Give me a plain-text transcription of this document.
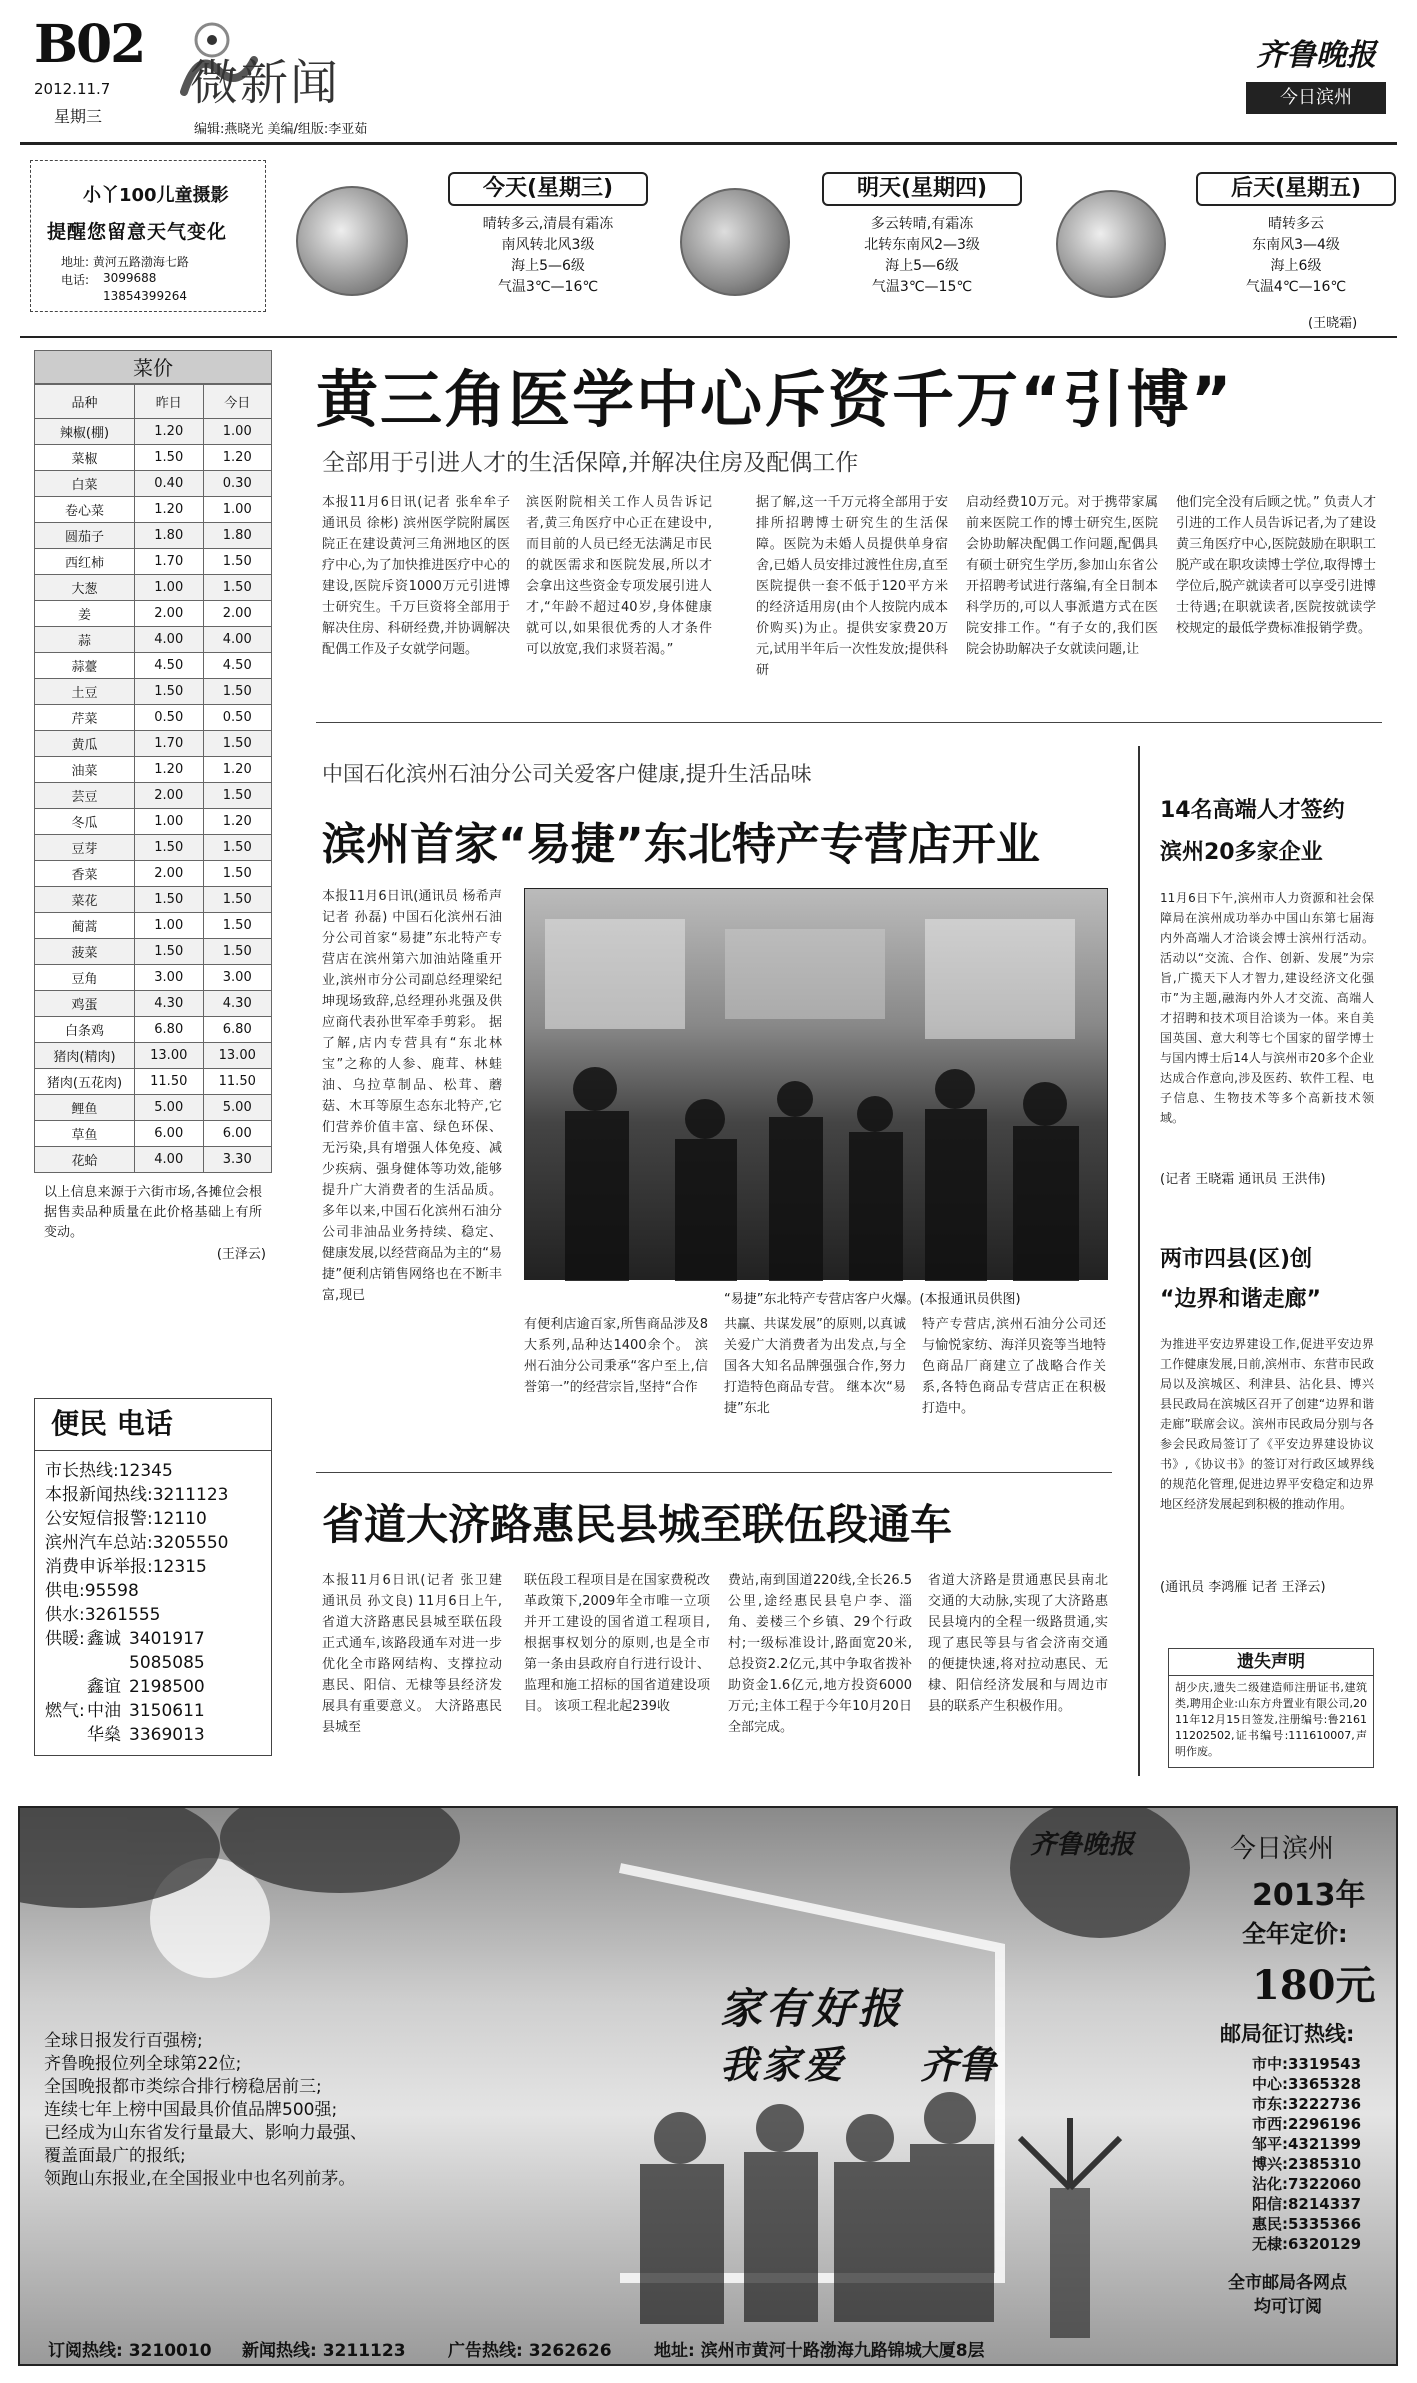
B02
2012.11.7
星期三
微新闻
编辑:燕晓光 美编/组版:李亚茹
齐鲁晚报
今日滨州
小丫100儿童摄影
提醒您留意天气变化
地址: 黄河五路渤海七路
电话: 3099688
13854399264
今天(星期三)
晴转多云,清晨有霜冻
南风转北风3级
海上5—6级
气温3℃—16℃
明天(星期四)
多云转晴,有霜冻
北转东南风2—3级
海上5—6级
气温3℃—15℃
后天(星期五)
晴转多云
东南风3—4级
海上6级
气温4℃—16℃
(王晓霜)
菜价
品种	昨日	今日
辣椒(棚)	1.20	1.00
菜椒	1.50	1.20
白菜	0.40	0.30
卷心菜	1.20	1.00
圆茄子	1.80	1.80
西红柿	1.70	1.50
大葱	1.00	1.50
姜	2.00	2.00
蒜	4.00	4.00
蒜薹	4.50	4.50
土豆	1.50	1.50
芹菜	0.50	0.50
黄瓜	1.70	1.50
油菜	1.20	1.20
芸豆	2.00	1.50
冬瓜	1.00	1.20
豆芽	1.50	1.50
香菜	2.00	1.50
菜花	1.50	1.50
蔺蒿	1.00	1.50
菠菜	1.50	1.50
豆角	3.00	3.00
鸡蛋	4.30	4.30
白条鸡	6.80	6.80
猪肉(精肉)	13.00	13.00
猪肉(五花肉)	11.50	11.50
鲤鱼	5.00	5.00
草鱼	6.00	6.00
花蛤	4.00	3.30
以上信息来源于六街市场,各摊位会根据售卖品种质量在此价格基础上有所变动。
(王泽云)
便民 电话
市长热线:12345
本报新闻热线:3211123
公安短信报警:12110
滨州汽车总站:3205550
消费申诉举报:12315
供电:95598
供水:3261555
供暖: 鑫诚 3401917
5085085
鑫谊 2198500
燃气: 中油 3150611
华燊 3369013
黄三角医学中心斥资千万“引博”
全部用于引进人才的生活保障,并解决住房及配偶工作
本报11月6日讯(记者 张牟牟子 通讯员 徐彬) 滨州医学院附属医院正在建设黄河三角洲地区的医疗中心,为了加快推进医疗中心的建设,医院斥资1000万元引进博士研究生。千万巨资将全部用于解决住房、科研经费,并协调解决配偶工作及子女就学问题。
滨医附院相关工作人员告诉记者,黄三角医疗中心正在建设中,而目前的人员已经无法满足市民的就医需求和医院发展,所以才会拿出这些资金专项发展引进人才,“年龄不超过40岁,身体健康就可以,如果很优秀的人才条件可以放宽,我们求贤若渴。”
据了解,这一千万元将全部用于安排所招聘博士研究生的生活保障。医院为未婚人员提供单身宿舍,已婚人员安排过渡性住房,直至医院提供一套不低于120平方米的经济适用房(由个人按院内成本价购买)为止。提供安家费20万元,试用半年后一次性发放;提供科研
启动经费10万元。对于携带家属前来医院工作的博士研究生,医院会协助解决配偶工作问题,配偶具有硕士研究生学历,参加山东省公开招聘考试进行落编,有全日制本科学历的,可以人事派遣方式在医院安排工作。“有子女的,我们医院会协助解决子女就读问题,让
他们完全没有后顾之忧。” 负责人才引进的工作人员告诉记者,为了建设黄三角医疗中心,医院鼓励在职职工脱产或在职攻读博士学位,取得博士学位后,脱产就读者可以享受引进博士待遇;在职就读者,医院按就读学校规定的最低学费标准报销学费。
中国石化滨州石油分公司关爱客户健康,提升生活品味
滨州首家“易捷”东北特产专营店开业
本报11月6日讯(通讯员 杨希声 记者 孙磊) 中国石化滨州石油分公司首家“易捷”东北特产专营店在滨州第六加油站隆重开业,滨州市分公司副总经理梁纪坤现场致辞,总经理孙兆强及供应商代表孙世军牵手剪彩。 据了解,店内专营具有“东北林宝”之称的人参、鹿茸、林蛙油、乌拉草制品、松茸、蘑菇、木耳等原生态东北特产,它们营养价值丰富、绿色环保、无污染,具有增强人体免疫、减少疾病、强身健体等功效,能够提升广大消费者的生活品质。 多年以来,中国石化滨州石油分公司非油品业务持续、稳定、健康发展,以经营商品为主的“易捷”便利店销售网络也在不断丰富,现已	“易捷”东北特产专营店客户火爆。(本报通讯员供图)
有便利店逾百家,所售商品涉及8大系列,品种达1400余个。 滨州石油分公司秉承“客户至上,信誉第一”的经营宗旨,坚持“合作
共赢、共谋发展”的原则,以真诚关爱广大消费者为出发点,与全国各大知名品牌强强合作,努力打造特色商品专营。 继本次“易捷”东北
特产专营店,滨州石油分公司还与愉悦家纺、海洋贝瓷等当地特色商品厂商建立了战略合作关系,各特色商品专营店正在积极打造中。
省道大济路惠民县城至联伍段通车
本报11月6日讯(记者 张卫建 通讯员 孙文良) 11月6日上午,省道大济路惠民县城至联伍段正式通车,该路段通车对进一步优化全市路网结构、支撑拉动惠民、阳信、无棣等县经济发展具有重要意义。 大济路惠民县城至
联伍段工程项目是在国家费税改革政策下,2009年全市唯一立项并开工建设的国省道工程项目,根据事权划分的原则,也是全市第一条由县政府自行进行设计、监理和施工招标的国省道建设项目。 该项工程北起239收
费站,南到国道220线,全长26.5公里,途经惠民县皂户李、淄角、姜楼三个乡镇、29个行政村;一级标准设计,路面宽20米,总投资2.2亿元,其中争取省拨补助资金1.6亿元,地方投资6000万元;主体工程于今年10月20日全部完成。
省道大济路是贯通惠民县南北交通的大动脉,实现了大济路惠民县境内的全程一级路贯通,实现了惠民等县与省会济南交通的便捷快速,将对拉动惠民、无棣、阳信经济发展和与周边市县的联系产生积极作用。
14名高端人才签约滨州20多家企业
11月6日下午,滨州市人力资源和社会保障局在滨州成功举办中国山东第七届海内外高端人才洽谈会博士滨州行活动。活动以“交流、合作、创新、发展”为宗旨,广揽天下人才智力,建设经济文化强市”为主题,融海内外人才交流、高端人才招聘和技术项目洽谈为一体。来自美国英国、意大利等七个国家的留学博士与国内博士后14人与滨州市20多个企业达成合作意向,涉及医药、软件工程、电子信息、生物技术等多个高新技术领域。
(记者 王晓霜 通讯员 王洪伟)
两市四县(区)创
“边界和谐走廊”
为推进平安边界建设工作,促进平安边界工作健康发展,日前,滨州市、东营市民政局以及滨城区、利津县、沾化县、博兴县民政局在滨城区召开了创建“边界和谐走廊”联席会议。滨州市民政局分别与各参会民政局签订了《平安边界建设协议书》,《协议书》的签订对行政区域界线的规范化管理,促进边界平安稳定和边界地区经济发展起到积极的推动作用。
(通讯员 李鸿雁 记者 王泽云)
遗失声明
胡少庆,遗失二级建造师注册证书,建筑类,聘用企业:山东方舟置业有限公司,2011年12月15日签发,注册编号:鲁216111202502,证书编号:111610007,声明作废。
家有好报
我家爱 齐鲁
全球日报发行百强榜;
齐鲁晚报位列全球第22位;
全国晚报都市类综合排行榜稳居前三;
连续七年上榜中国最具价值品牌500强;
已经成为山东省发行量最大、影响力最强、
覆盖面最广的报纸;
领跑山东报业,在全国报业中也名列前茅。
齐鲁晚报	今日滨州
2013年
全年定价:
180元
邮局征订热线:
市中:3319543
中心:3365328
市东:3222736
市西:2296196
邹平:4321399
博兴:2385310
沾化:7322060
阳信:8214337
惠民:5335366
无棣:6320129
全市邮局各网点
均可订阅
订阅热线: 3210010	新闻热线: 3211123	广告热线: 3262626	地址: 滨州市黄河十路渤海九路锦城大厦8层
